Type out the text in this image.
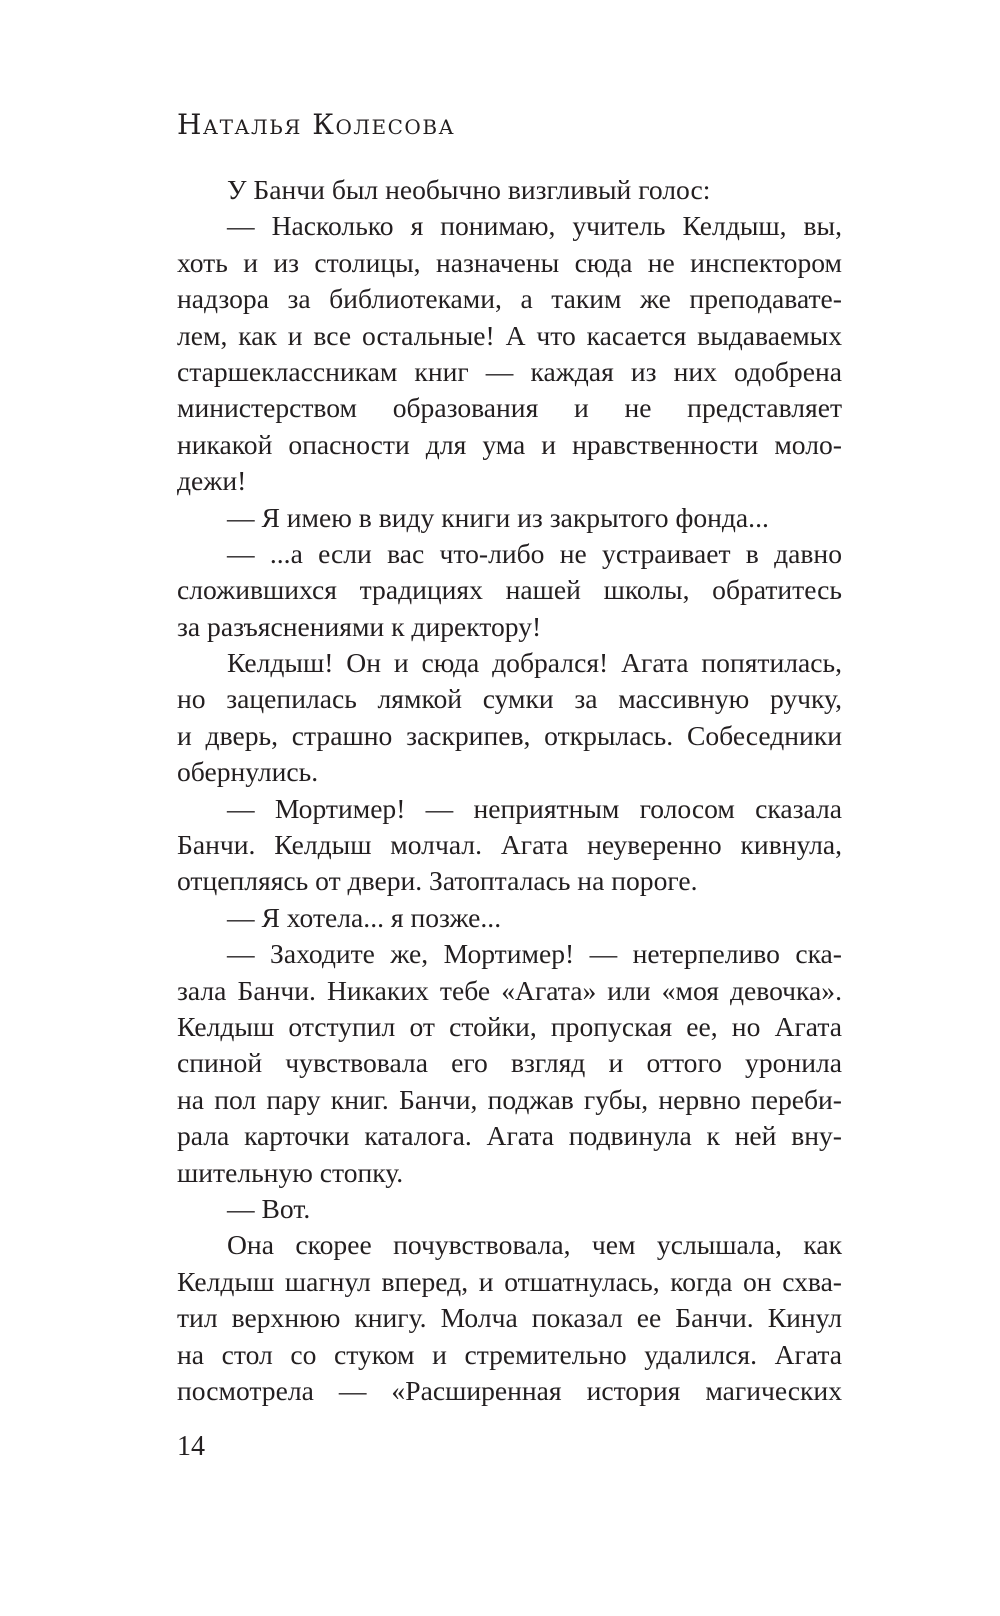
Наталья Колесова
У Банчи был необычно визгливый голос:
— Насколько я понимаю, учитель Келдыш, вы,
хоть и из столицы, назначены сюда не инспектором
надзора за библиотеками, а таким же преподавате-
лем, как и все остальные! А что касается выдаваемых
старшеклассникам книг — каждая из них одобрена
министерством образования и не представляет
никакой опасности для ума и нравственности моло-
дежи!
— Я имею в виду книги из закрытого фонда...
— ...а если вас что-либо не устраивает в давно
сложившихся традициях нашей школы, обратитесь
за разъяснениями к директору!
Келдыш! Он и сюда добрался! Агата попятилась,
но зацепилась лямкой сумки за массивную ручку,
и дверь, страшно заскрипев, открылась. Собеседники
обернулись.
— Мортимер! — неприятным голосом сказала
Банчи. Келдыш молчал. Агата неуверенно кивнула,
отцепляясь от двери. Затопталась на пороге.
— Я хотела... я позже...
— Заходите же, Мортимер! — нетерпеливо ска-
зала Банчи. Никаких тебе «Агата» или «моя девочка».
Келдыш отступил от стойки, пропуская ее, но Агата
спиной чувствовала его взгляд и оттого уронила
на пол пару книг. Банчи, поджав губы, нервно переби-
рала карточки каталога. Агата подвинула к ней вну-
шительную стопку.
— Вот.
Она скорее почувствовала, чем услышала, как
Келдыш шагнул вперед, и отшатнулась, когда он схва-
тил верхнюю книгу. Молча показал ее Банчи. Кинул
на стол со стуком и стремительно удалился. Агата
посмотрела — «Расширенная история магических
14
